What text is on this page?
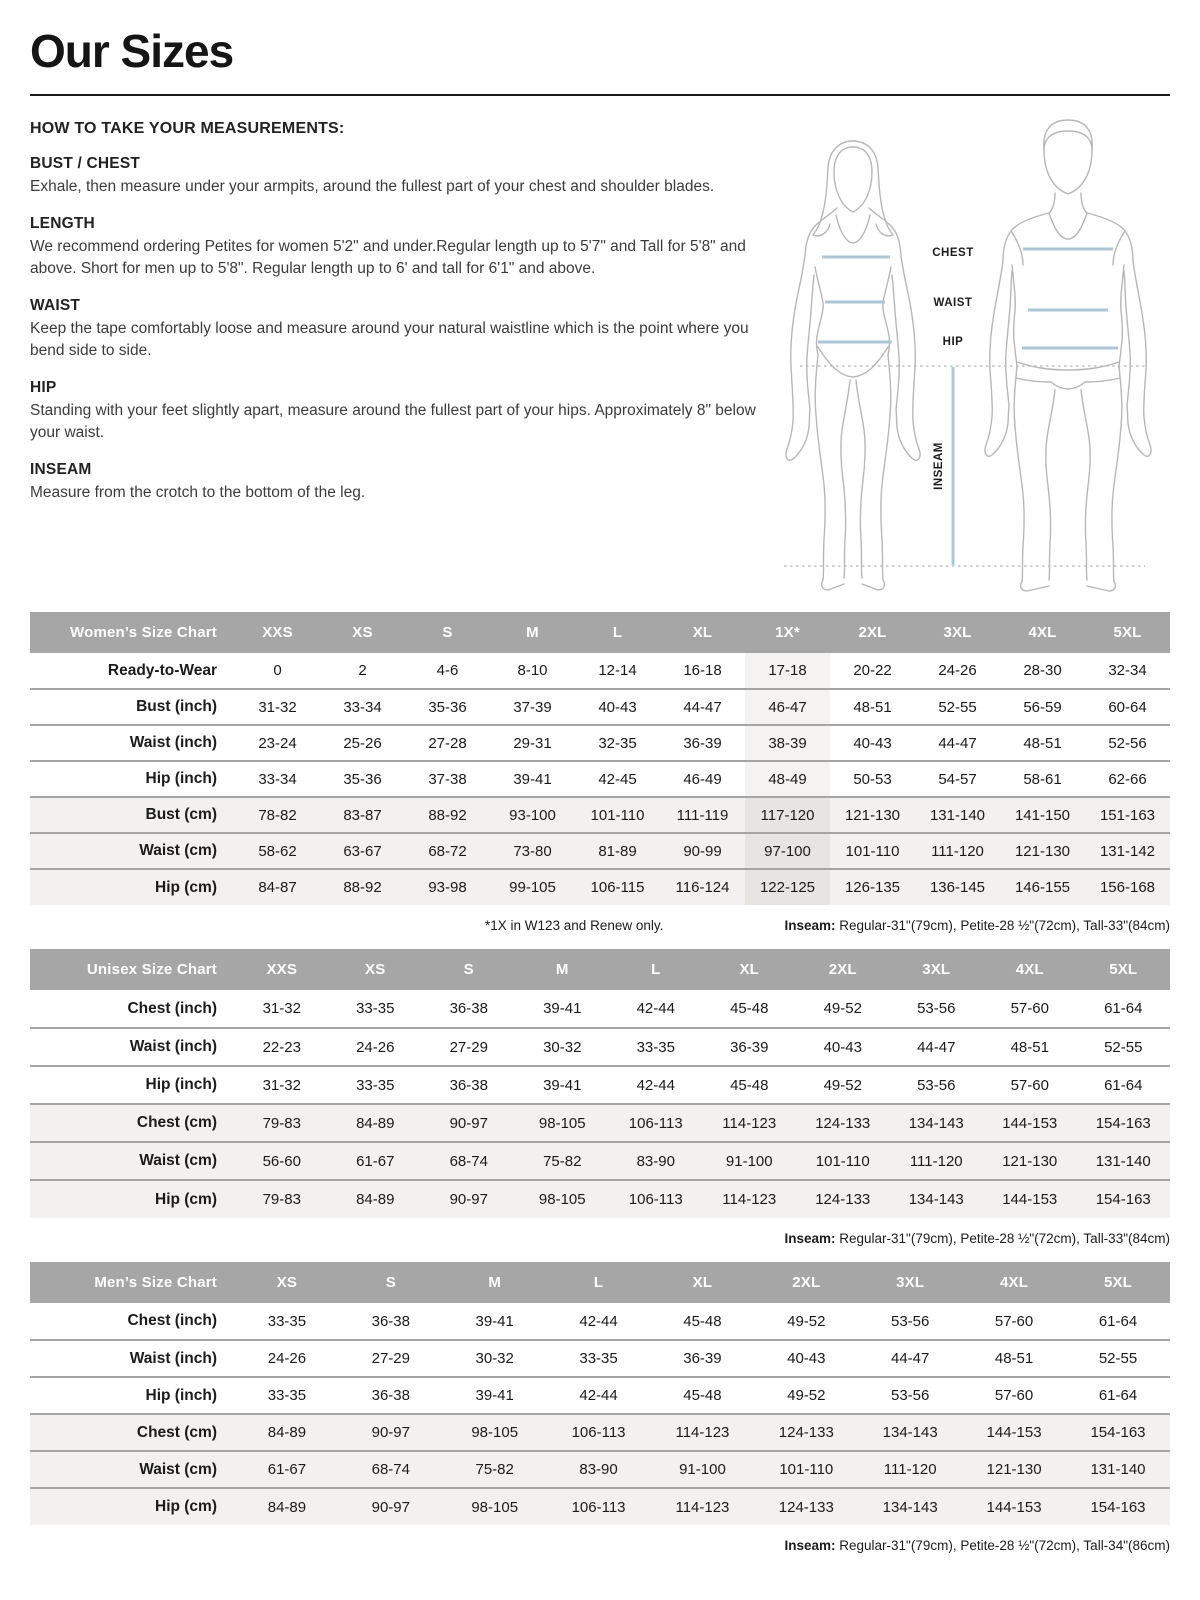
Our Sizes

HOW TO TAKE YOUR MEASUREMENTS:

BUST / CHEST

Exhale, then measure under your armpits, around the fullest part of your chest and shoulder blades.

LENGTH

We recommend ordering Petites for women 5'2" and under.Regular length up to 5'7" and Tall for 5'8" and above. Short for men up to 5'8". Regular length up to 6' and tall for 6'1" and above.

WAIST

Keep the tape comfortably loose and measure around your natural waistline which is the point where you bend side to side.

HIP

Standing with your feet slightly apart, measure around the fullest part of your hips. Approximately 8" below your waist.

INSEAM

Measure from the crotch to the bottom of the leg.

CHEST
WAIST
HIP
INSEAM
Women’s Size Chart	XXS	XS	S	M	L	XL	1X*	2XL	3XL	4XL	5XL
Ready-to-Wear	0	2	4-6	8-10	12-14	16-18	17-18	20-22	24-26	28-30	32-34
Bust (inch)	31-32	33-34	35-36	37-39	40-43	44-47	46-47	48-51	52-55	56-59	60-64
Waist (inch)	23-24	25-26	27-28	29-31	32-35	36-39	38-39	40-43	44-47	48-51	52-56
Hip (inch)	33-34	35-36	37-38	39-41	42-45	46-49	48-49	50-53	54-57	58-61	62-66
Bust (cm)	78-82	83-87	88-92	93-100	101-110	111-119	117-120	121-130	131-140	141-150	151-163
Waist (cm)	58-62	63-67	68-72	73-80	81-89	90-99	97-100	101-110	111-120	121-130	131-142
Hip (cm)	84-87	88-92	93-98	99-105	106-115	116-124	122-125	126-135	136-145	146-155	156-168
*1X in W123 and Renew only.	Inseam: Regular-31"(79cm), Petite-28 ½"(72cm), Tall-33"(84cm)
Unisex Size Chart	XXS	XS	S	M	L	XL	2XL	3XL	4XL	5XL
Chest (inch)	31-32	33-35	36-38	39-41	42-44	45-48	49-52	53-56	57-60	61-64
Waist (inch)	22-23	24-26	27-29	30-32	33-35	36-39	40-43	44-47	48-51	52-55
Hip (inch)	31-32	33-35	36-38	39-41	42-44	45-48	49-52	53-56	57-60	61-64
Chest (cm)	79-83	84-89	90-97	98-105	106-113	114-123	124-133	134-143	144-153	154-163
Waist (cm)	56-60	61-67	68-74	75-82	83-90	91-100	101-110	111-120	121-130	131-140
Hip (cm)	79-83	84-89	90-97	98-105	106-113	114-123	124-133	134-143	144-153	154-163
Inseam: Regular-31"(79cm), Petite-28 ½"(72cm), Tall-33"(84cm)
Men’s Size Chart	XS	S	M	L	XL	2XL	3XL	4XL	5XL
Chest (inch)	33-35	36-38	39-41	42-44	45-48	49-52	53-56	57-60	61-64
Waist (inch)	24-26	27-29	30-32	33-35	36-39	40-43	44-47	48-51	52-55
Hip (inch)	33-35	36-38	39-41	42-44	45-48	49-52	53-56	57-60	61-64
Chest (cm)	84-89	90-97	98-105	106-113	114-123	124-133	134-143	144-153	154-163
Waist (cm)	61-67	68-74	75-82	83-90	91-100	101-110	111-120	121-130	131-140
Hip (cm)	84-89	90-97	98-105	106-113	114-123	124-133	134-143	144-153	154-163
Inseam: Regular-31"(79cm), Petite-28 ½"(72cm), Tall-34"(86cm)
